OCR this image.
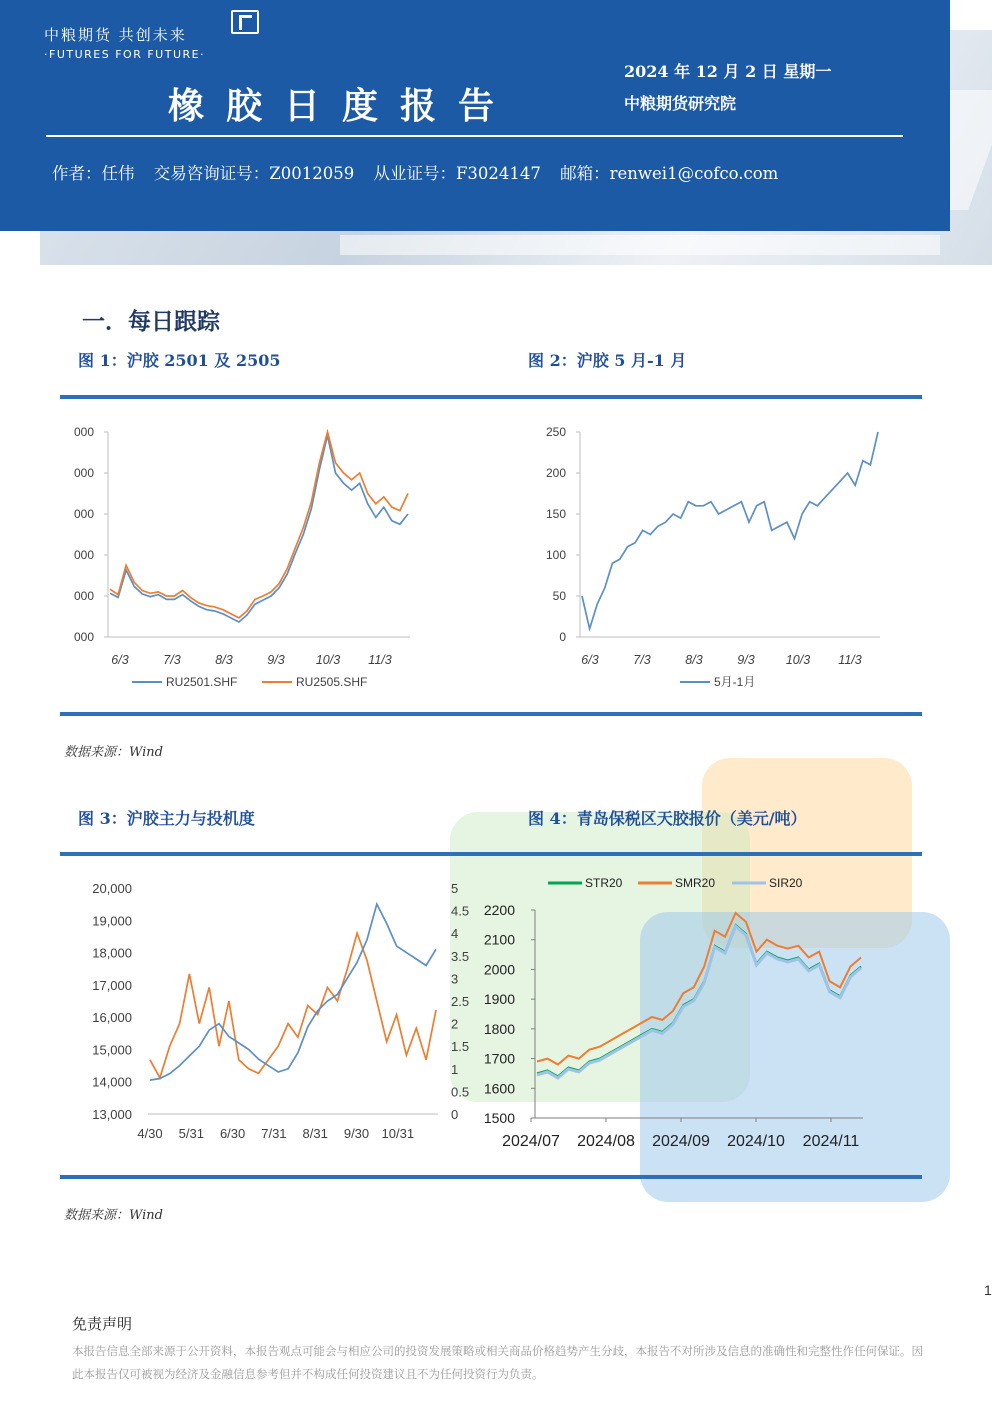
中粮期货 共创未来
·FUTURES FOR FUTURE·
橡胶日度报告
2024 年 12 月 2 日 星期一
中粮期货研究院
作者：任伟 交易咨询证号：Z0012059 从业证号：F3024147 邮箱：renwei1@cofco.com
一．每日跟踪
图 1：沪胶 2501 及 2505	图 2：沪胶 5 月-1 月
数据来源：Wind
图 3：沪胶主力与投机度	图 4：青岛保税区天胶报价（美元/吨）
数据来源：Wind
000
000
000
000
000
000
6/3	7/3	8/3	9/3 10/3 11/3
RU2501.SHF	RU2505.SHF
0
50
100
150
200
250
6/3	7/3	8/3	9/3 10/3 11/3
5月-1月
13,000
14,000
15,000
16,000
17,000
18,000
19,000
20,000
0
0.5
1
1.5
2
2.5
3
3.5
4
4.5
5
4/30 5/31 6/30 7/31 8/31 9/30 10/31
1500
1600
1700
1800
1900
2000
2100
2200
2024/07 2024/08 2024/09 2024/10 2024/11
STR20	SMR20	SIR20
1
免责声明
本报告信息全部来源于公开资料，本报告观点可能会与相应公司的投资发展策略或相关商品价格趋势产生分歧，本报告不对所涉及信息的准确性和完整性作任何保证。因此本报告仅可被视为经济及金融信息参考但并不构成任何投资建议且不为任何投资行为负责。
